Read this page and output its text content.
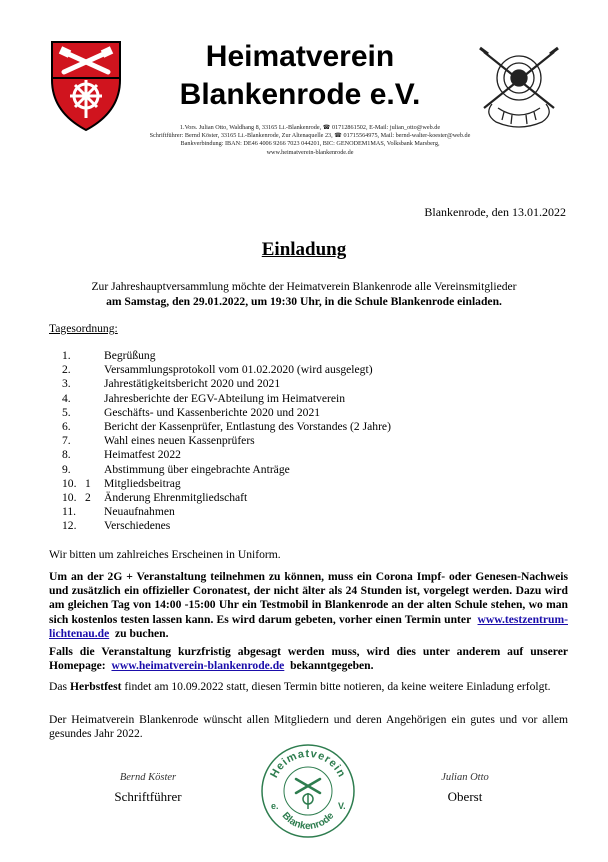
Heimatverein
Blankenrode e.V.
1.Vors. Julian Otto, Waldhang 8, 33165 Li.-Blankenrode, ☎ 01712861502, E-Mail: julian_otto@web.de
Schriftführer: Bernd Köster, 33165 Li.-Blankenrode, Zur Altenaquelle 23, ☎ 01715564975, Mail: bernd-walter-koester@web.de
Bankverbindung: IBAN: DE46 4006 9266 7023 044201, BIC: GENODEM1MAS, Volksbank Marsberg,
www.heimatverein-blankenrode.de
Blankenrode, den 13.01.2022
Einladung
Zur Jahreshauptversammlung möchte der Heimatverein Blankenrode alle Vereinsmitglieder
am Samstag, den 29.01.2022, um 19:30 Uhr, in die Schule Blankenrode einladen.
Tagesordnung:
1.	Begrüßung
2.	Versammlungsprotokoll vom 01.02.2020 (wird ausgelegt)
3.	Jahrestätigkeitsbericht 2020 und 2021
4.	Jahresberichte der EGV-Abteilung im Heimatverein
5.	Geschäfts- und Kassenberichte 2020 und 2021
6.	Bericht der Kassenprüfer, Entlastung des Vorstandes (2 Jahre)
7.	Wahl eines neuen Kassenprüfers
8.	Heimatfest 2022
9.	Abstimmung über eingebrachte Anträge
10. 1 Mitgliedsbeitrag
10. 2 Änderung Ehrenmitgliedschaft
11. Neuaufnahmen
12. Verschiedenes
Wir bitten um zahlreiches Erscheinen in Uniform.
Um an der 2G + Veranstaltung teilnehmen zu können, muss ein Corona Impf- oder Genesen-Nachweis und zusätzlich ein offizieller Coronatest, der nicht älter als 24 Stunden ist, vorgelegt werden. Dazu wird am gleichen Tag von 14:00 -15:00 Uhr ein Testmobil in Blankenrode an der alten Schule stehen, wo man sich kostenlos testen lassen kann. Es wird darum gebeten, vorher einen Termin unter www.testzentrum-lichtenau.de zu buchen.
Falls die Veranstaltung kurzfristig abgesagt werden muss, wird dies unter anderem auf unserer Homepage: www.heimatverein-blankenrode.de bekanntgegeben.
Das Herbstfest findet am 10.09.2022 statt, diesen Termin bitte notieren, da keine weitere Einladung erfolgt.
Der Heimatverein Blankenrode wünscht allen Mitgliedern und deren Angehörigen ein gutes und vor allem gesundes Jahr 2022.
Bernd Köster
Schriftführer
Julian Otto
Oberst
Heimatverein
Blankenrode
e.	V.
